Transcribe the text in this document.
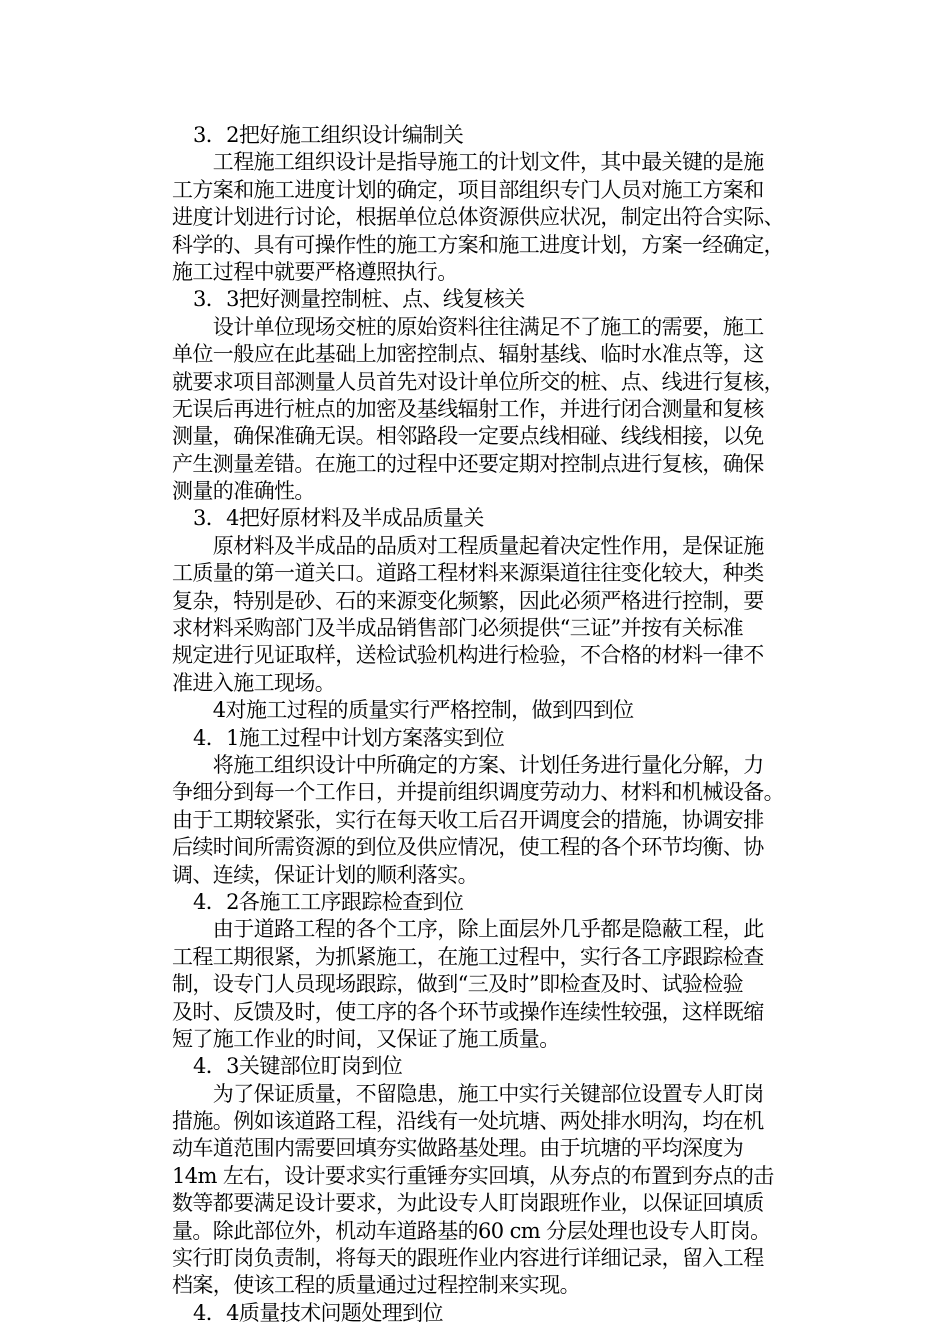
3．2把好施工组织设计编制关
　　工程施工组织设计是指导施工的计划文件，其中最关键的是施
工方案和施工进度计划的确定，项目部组织专门人员对施工方案和
进度计划进行讨论，根据单位总体资源供应状况，制定出符合实际、
科学的、具有可操作性的施工方案和施工进度计划，方案一经确定，
施工过程中就要严格遵照执行。
3．3把好测量控制桩、点、线复核关
　　设计单位现场交桩的原始资料往往满足不了施工的需要，施工
单位一般应在此基础上加密控制点、辐射基线、临时水准点等，这
就要求项目部测量人员首先对设计单位所交的桩、点、线进行复核，
无误后再进行桩点的加密及基线辐射工作，并进行闭合测量和复核
测量，确保准确无误。相邻路段一定要点线相碰、线线相接，以免
产生测量差错。在施工的过程中还要定期对控制点进行复核，确保
测量的准确性。
3．4把好原材料及半成品质量关
　　原材料及半成品的品质对工程质量起着决定性作用，是保证施
工质量的第一道关口。道路工程材料来源渠道往往变化较大，种类
复杂，特别是砂、石的来源变化频繁，因此必须严格进行控制，要
求材料采购部门及半成品销售部门必须提供“三证”并按有关标准
规定进行见证取样，送检试验机构进行检验，不合格的材料一律不
准进入施工现场。
　　4对施工过程的质量实行严格控制，做到四到位
4．1施工过程中计划方案落实到位
　　将施工组织设计中所确定的方案、计划任务进行量化分解，力
争细分到每一个工作日，并提前组织调度劳动力、材料和机械设备。
由于工期较紧张，实行在每天收工后召开调度会的措施，协调安排
后续时间所需资源的到位及供应情况，使工程的各个环节均衡、协
调、连续，保证计划的顺利落实。
4．2各施工工序跟踪检查到位
　　由于道路工程的各个工序，除上面层外几乎都是隐蔽工程，此
工程工期很紧，为抓紧施工，在施工过程中，实行各工序跟踪检查
制，设专门人员现场跟踪，做到“三及时”即检查及时、试验检验
及时、反馈及时，使工序的各个环节或操作连续性较强，这样既缩
短了施工作业的时间，又保证了施工质量。
4．3关键部位盯岗到位
　　为了保证质量，不留隐患，施工中实行关键部位设置专人盯岗
措施。例如该道路工程，沿线有一处坑塘、两处排水明沟，均在机
动车道范围内需要回填夯实做路基处理。由于坑塘的平均深度为
14m 左右，设计要求实行重锤夯实回填，从夯点的布置到夯点的击
数等都要满足设计要求，为此设专人盯岗跟班作业，以保证回填质
量。除此部位外，机动车道路基的60 cm 分层处理也设专人盯岗。
实行盯岗负责制，将每天的跟班作业内容进行详细记录，留入工程
档案，使该工程的质量通过过程控制来实现。
4．4质量技术问题处理到位
